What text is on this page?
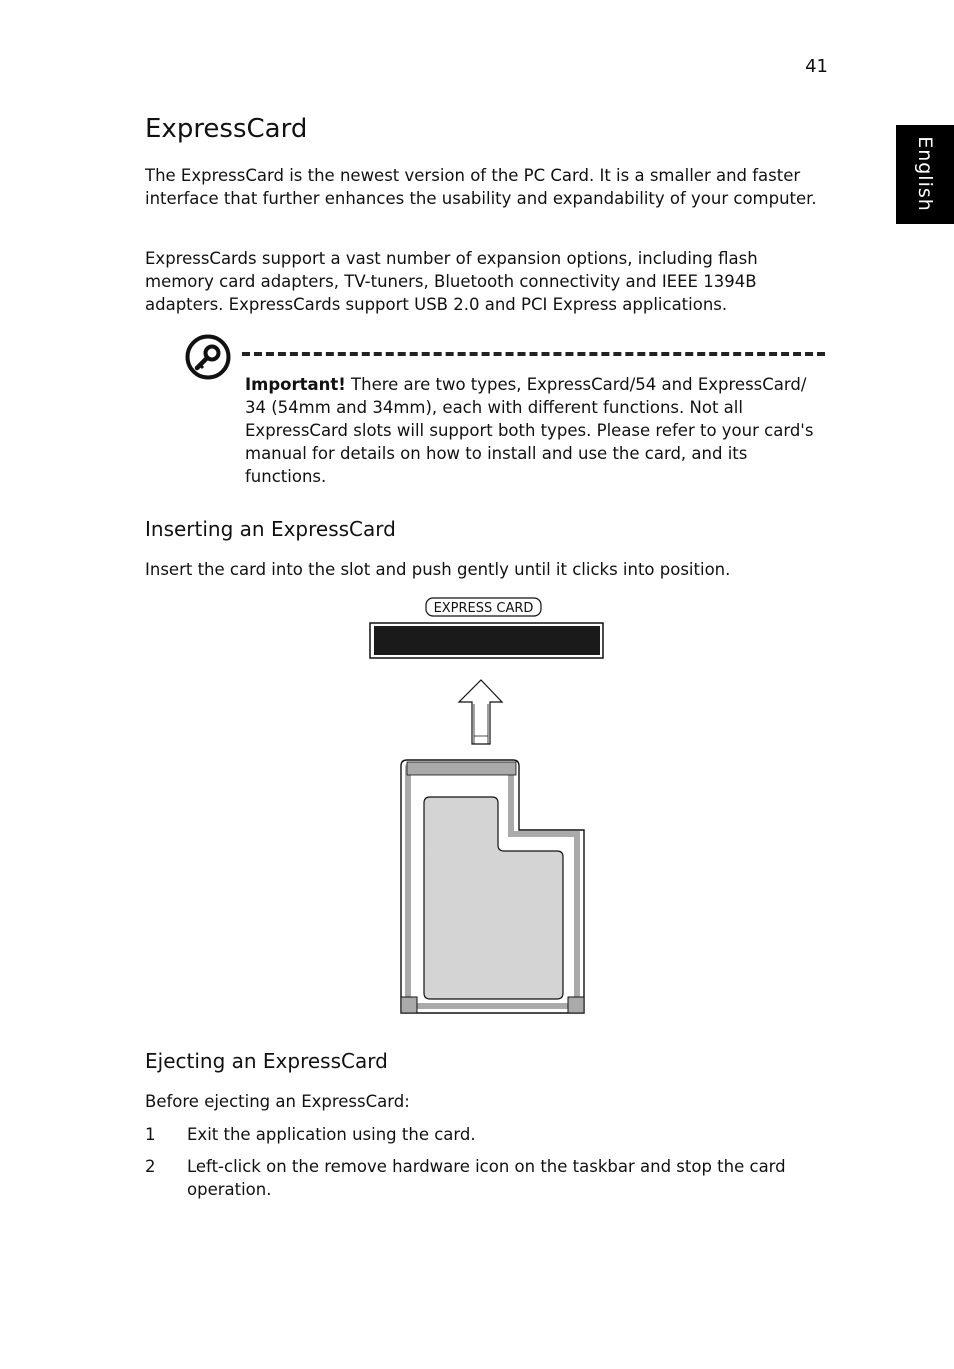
41
English
ExpressCard

The ExpressCard is the newest version of the PC Card. It is a smaller and faster interface that further enhances the usability and expandability of your computer.

ExpressCards support a vast number of expansion options, including flash memory card adapters, TV-tuners, Bluetooth connectivity and IEEE 1394B adapters. ExpressCards support USB 2.0 and PCI Express applications.

Important! There are two types, ExpressCard/54 and ExpressCard/ 34 (54mm and 34mm), each with different functions. Not all ExpressCard slots will support both types. Please refer to your card's manual for details on how to install and use the card, and its functions.

Inserting an ExpressCard

Insert the card into the slot and push gently until it clicks into position.

EXPRESS CARD
Ejecting an ExpressCard

Before ejecting an ExpressCard:

1	Exit the application using the card.
2	Left-click on the remove hardware icon on the taskbar and stop the card operation.
